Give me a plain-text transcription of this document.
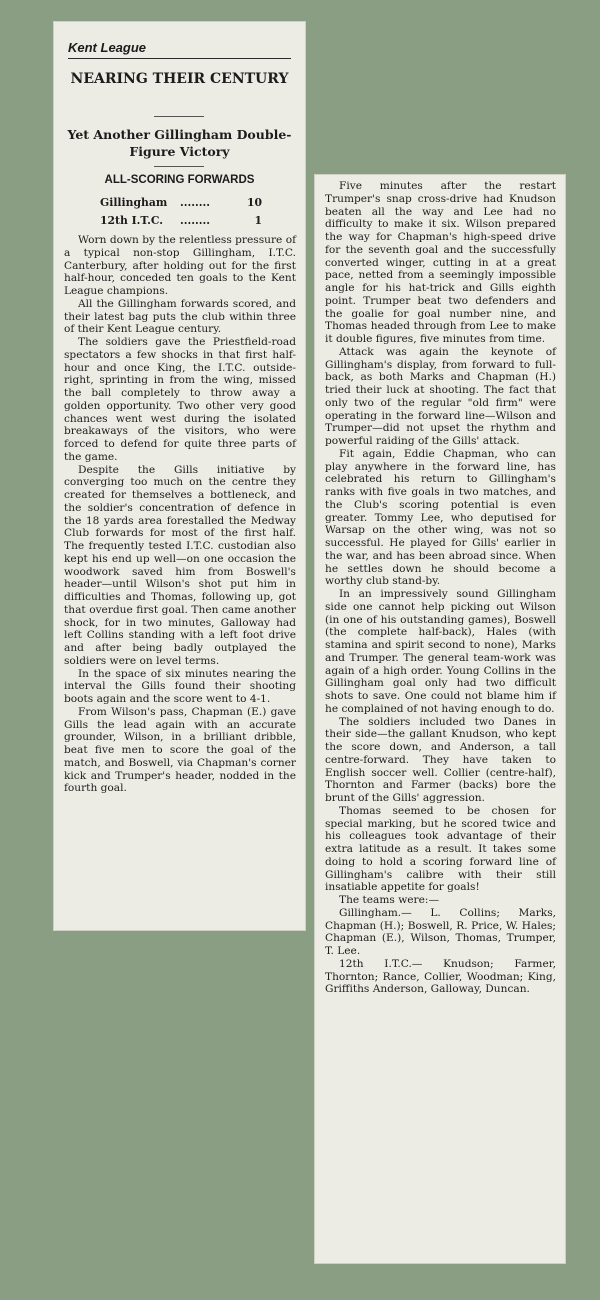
Kent League
NEARING THEIR CENTURY
Yet Another Gillingham Double-Figure Victory
ALL-SCORING FORWARDS
Gillingham	........	10
12th I.T.C.	........	1

Worn down by the relentless pressure of a typical non-stop Gillingham, I.T.C. Canterbury, after holding out for the first half-hour, conceded ten goals to the Kent League champions.

All the Gillingham forwards scored, and their latest bag puts the club within three of their Kent League century.

The soldiers gave the Priestfield-road spectators a few shocks in that first half-hour and once King, the I.T.C. outside-right, sprinting in from the wing, missed the ball completely to throw away a golden opportunity. Two other very good chances went west during the isolated breakaways of the visitors, who were forced to defend for quite three parts of the game.

Despite the Gills initiative by converging too much on the centre they created for themselves a bottleneck, and the soldier's concentration of defence in the 18 yards area forestalled the Medway Club forwards for most of the first half. The frequently tested I.T.C. custodian also kept his end up well—on one occasion the woodwork saved him from Boswell's header—until Wilson's shot put him in difficulties and Thomas, following up, got that overdue first goal. Then came another shock, for in two minutes, Galloway had left Collins standing with a left foot drive and after being badly outplayed the soldiers were on level terms.

In the space of six minutes nearing the interval the Gills found their shooting boots again and the score went to 4-1.

From Wilson's pass, Chapman (E.) gave Gills the lead again with an accurate grounder, Wilson, in a brilliant dribble, beat five men to score the goal of the match, and Boswell, via Chapman's corner kick and Trumper's header, nodded in the fourth goal.

Five minutes after the restart Trumper's snap cross-drive had Knudson beaten all the way and Lee had no difficulty to make it six. Wilson prepared the way for Chapman's high-speed drive for the seventh goal and the successfully converted winger, cutting in at a great pace, netted from a seemingly impossible angle for his hat-trick and Gills eighth point. Trumper beat two defenders and the goalie for goal number nine, and Thomas headed through from Lee to make it double figures, five minutes from time.

Attack was again the keynote of Gillingham's display, from forward to full-back, as both Marks and Chapman (H.) tried their luck at shooting. The fact that only two of the regular "old firm" were operating in the forward line—Wilson and Trumper—did not upset the rhythm and powerful raiding of the Gills' attack.

Fit again, Eddie Chapman, who can play anywhere in the forward line, has celebrated his return to Gillingham's ranks with five goals in two matches, and the Club's scoring potential is even greater. Tommy Lee, who deputised for Warsap on the other wing, was not so successful. He played for Gills' earlier in the war, and has been abroad since. When he settles down he should become a worthy club stand-by.

In an impressively sound Gillingham side one cannot help picking out Wilson (in one of his outstanding games), Boswell (the complete half-back), Hales (with stamina and spirit second to none), Marks and Trumper. The general team-work was again of a high order. Young Collins in the Gillingham goal only had two difficult shots to save. One could not blame him if he complained of not having enough to do.

The soldiers included two Danes in their side—the gallant Knudson, who kept the score down, and Anderson, a tall centre-forward. They have taken to English soccer well. Collier (centre-half), Thornton and Farmer (backs) bore the brunt of the Gills' aggression.

Thomas seemed to be chosen for special marking, but he scored twice and his colleagues took advantage of their extra latitude as a result. It takes some doing to hold a scoring forward line of Gillingham's calibre with their still insatiable appetite for goals!

The teams were:—

Gillingham.— L. Collins; Marks, Chapman (H.); Boswell, R. Price, W. Hales; Chapman (E.), Wilson, Thomas, Trumper, T. Lee.

12th I.T.C.— Knudson; Farmer, Thornton; Rance, Collier, Woodman; King, Griffiths Anderson, Galloway, Duncan.
